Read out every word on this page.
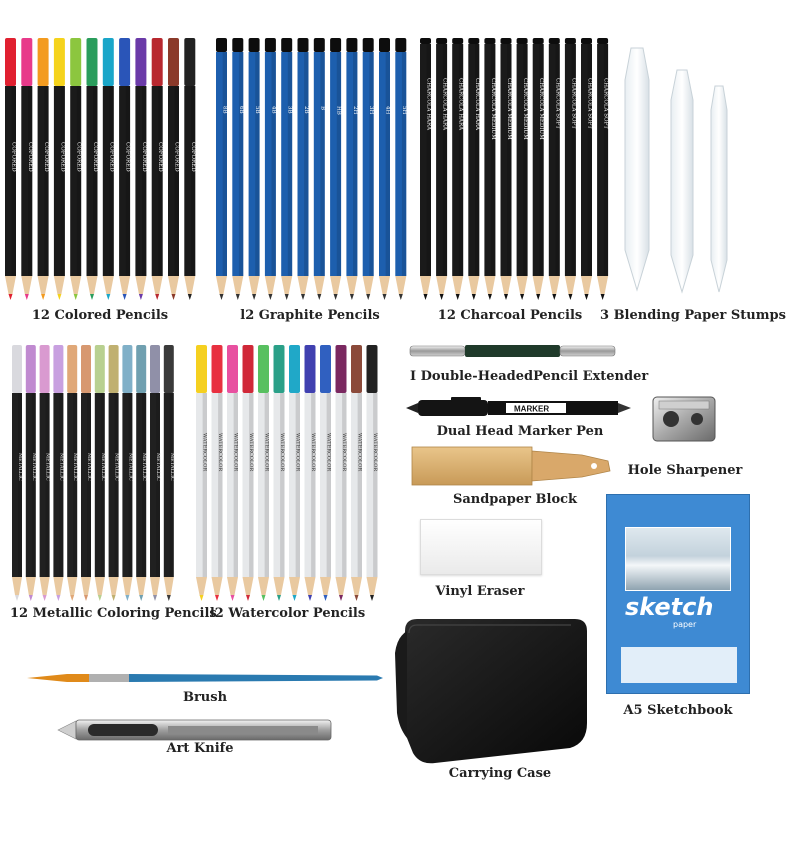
COFORED COFORED COFORED COFORED COFORED COFORED COFORED COFORED COFORED COFORED COFORED COFORED
12 Colored Pencils
8B 6B 5B 4B 3B 2B B HB 2H 3H 4H 5H
l2 Graphite Pencils
CHARCOLA HARA CHARCOLA HARA CHARCOLA HARA CHARCOLA HARA CHARCOLA MEDIUM CHARCOLA MEDIUM CHARCOLA MEDIUM CHARCOLA MEDIUM CHARCOLA SOFT CHARCOLA SOFT CHARCOLA SOFT CHARCOLA SOFT
12 Charcoal Pencils	3 Blending Paper Stumps
METALLIC METALLIC METALLIC METALLIC METALLIC METALLIC METALLIC METALLIC METALLIC METALLIC METALLIC METALLIC
12 Metallic Coloring Pencils
WATERCOLOR WATERCOLOR WATERCOLOR WATERCOLOR WATERCOLOR WATERCOLOR WATERCOLOR WATERCOLOR WATERCOLOR WATERCOLOR WATERCOLOR WATERCOLOR
l2 Watercolor Pencils
I Double-HeadedPencil Extender
MARKER
Dual Head Marker Pen
Hole Sharpener
Sandpaper Block
Vinyl Eraser
sketch
paper
A5 Sketchbook
Brush
Art Knife
Carrying Case
